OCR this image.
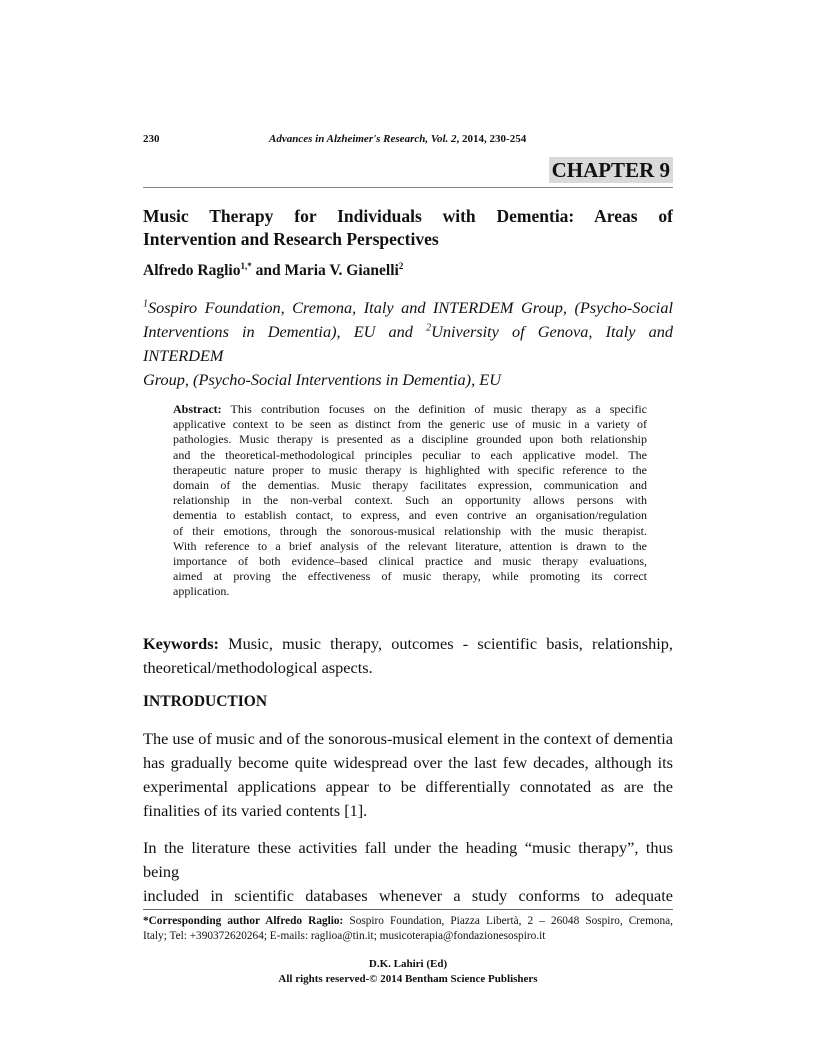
230	Advances in Alzheimer's Research, Vol. 2, 2014, 230-254
CHAPTER 9
Music Therapy for Individuals with Dementia: Areas of
Intervention and Research Perspectives
Alfredo Raglio$^{1,*}$ and Maria V. Gianelli$^2$
$^1$Sospiro Foundation, Cremona, Italy and INTERDEM Group, (Psycho-Social
Interventions in Dementia), EU and $^2$University of Genova, Italy and INTERDEM
Group, (Psycho-Social Interventions in Dementia), EU
Abstract: This contribution focuses on the definition of music therapy as a specific
applicative context to be seen as distinct from the generic use of music in a variety of
pathologies. Music therapy is presented as a discipline grounded upon both relationship
and the theoretical-methodological principles peculiar to each applicative model. The
therapeutic nature proper to music therapy is highlighted with specific reference to the
domain of the dementias. Music therapy facilitates expression, communication and
relationship in the non-verbal context. Such an opportunity allows persons with
dementia to establish contact, to express, and even contrive an organisation/regulation
of their emotions, through the sonorous-musical relationship with the music therapist.
With reference to a brief analysis of the relevant literature, attention is drawn to the
importance of both evidence–based clinical practice and music therapy evaluations,
aimed at proving the effectiveness of music therapy, while promoting its correct
application.
Keywords: Music, music therapy, outcomes - scientific basis, relationship,
theoretical/methodological aspects.
INTRODUCTION
The use of music and of the sonorous-musical element in the context of dementia
has gradually become quite widespread over the last few decades, although its
experimental applications appear to be differentially connotated as are the
finalities of its varied contents [1].
In the literature these activities fall under the heading “music therapy”, thus being
included in scientific databases whenever a study conforms to adequate
*Corresponding author Alfredo Raglio: Sospiro Foundation, Piazza Libertà, 2 – 26048 Sospiro, Cremona,
Italy; Tel: +390372620264; E-mails: raglioa@tin.it; musicoterapia@fondazionesospiro.it
D.K. Lahiri (Ed)
All rights reserved-© 2014 Bentham Science Publishers
